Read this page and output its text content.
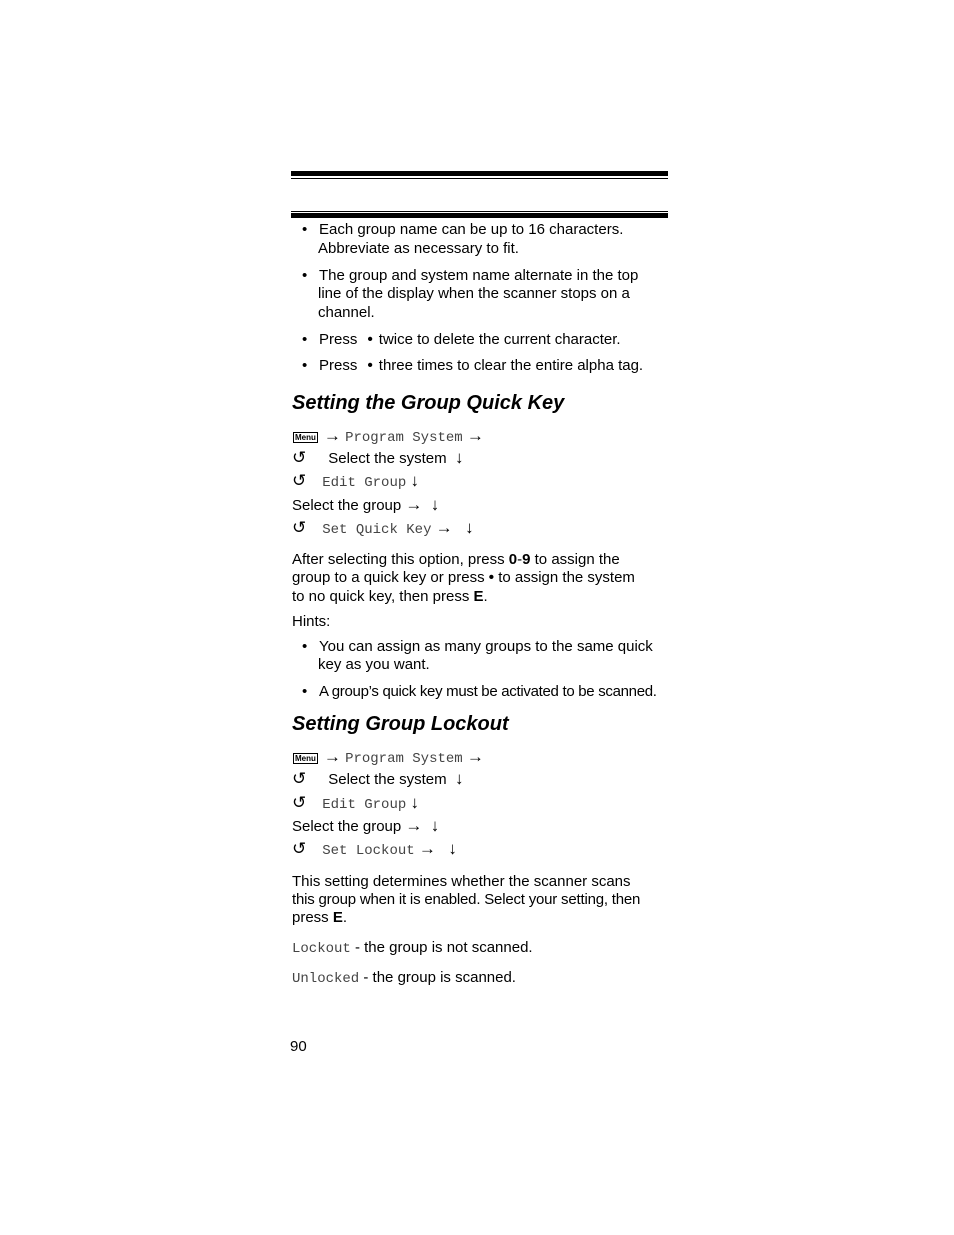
• Each group name can be up to 16 characters.
Abbreviate as necessary to fit.
• The group and system name alternate in the top
line of the display when the scanner stops on a
channel.
• Press • twice to delete the current character.
• Press • three times to clear the entire alpha tag.
Setting the Group Quick Key
Menu → Program System →
↺ Select the system ↓
↺ Edit Group ↓
Select the group → ↓
↺ Set Quick Key → ↓
After selecting this option, press 0-9 to assign the
group to a quick key or press • to assign the system
to no quick key, then press E.
Hints:
• You can assign as many groups to the same quick
key as you want.
• A group’s quick key must be activated to be scanned.
Setting Group Lockout
Menu → Program System →
↺ Select the system ↓
↺ Edit Group ↓
Select the group → ↓
↺ Set Lockout → ↓
This setting determines whether the scanner scans
this group when it is enabled. Select your setting, then
press E.
Lockout - the group is not scanned.
Unlocked - the group is scanned.
90
